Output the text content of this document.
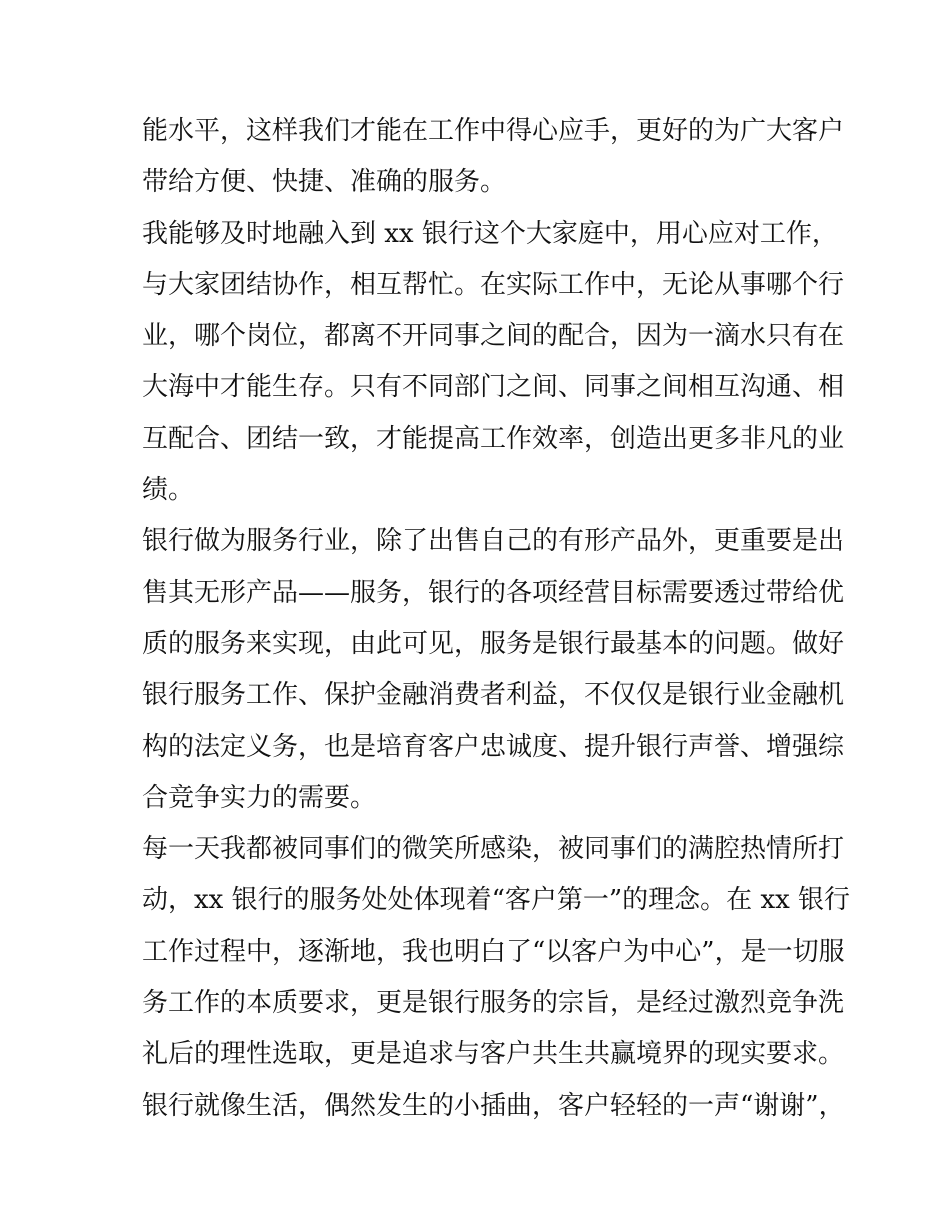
能水平，这样我们才能在工作中得心应手，更好的为广大客户
带给方便、快捷、准确的服务。
我能够及时地融入到 xx 银行这个大家庭中，用心应对工作，
与大家团结协作，相互帮忙。在实际工作中，无论从事哪个行
业，哪个岗位，都离不开同事之间的配合，因为一滴水只有在
大海中才能生存。只有不同部门之间、同事之间相互沟通、相
互配合、团结一致，才能提高工作效率，创造出更多非凡的业
绩。
银行做为服务行业，除了出售自己的有形产品外，更重要是出
售其无形产品——服务，银行的各项经营目标需要透过带给优
质的服务来实现，由此可见，服务是银行最基本的问题。做好
银行服务工作、保护金融消费者利益，不仅仅是银行业金融机
构的法定义务，也是培育客户忠诚度、提升银行声誉、增强综
合竞争实力的需要。
每一天我都被同事们的微笑所感染，被同事们的满腔热情所打
动，xx 银行的服务处处体现着“客户第一”的理念。在 xx 银行
工作过程中，逐渐地，我也明白了“以客户为中心”，是一切服
务工作的本质要求，更是银行服务的宗旨，是经过激烈竞争洗
礼后的理性选取，更是追求与客户共生共赢境界的现实要求。
银行就像生活，偶然发生的小插曲，客户轻轻的一声“谢谢”，
